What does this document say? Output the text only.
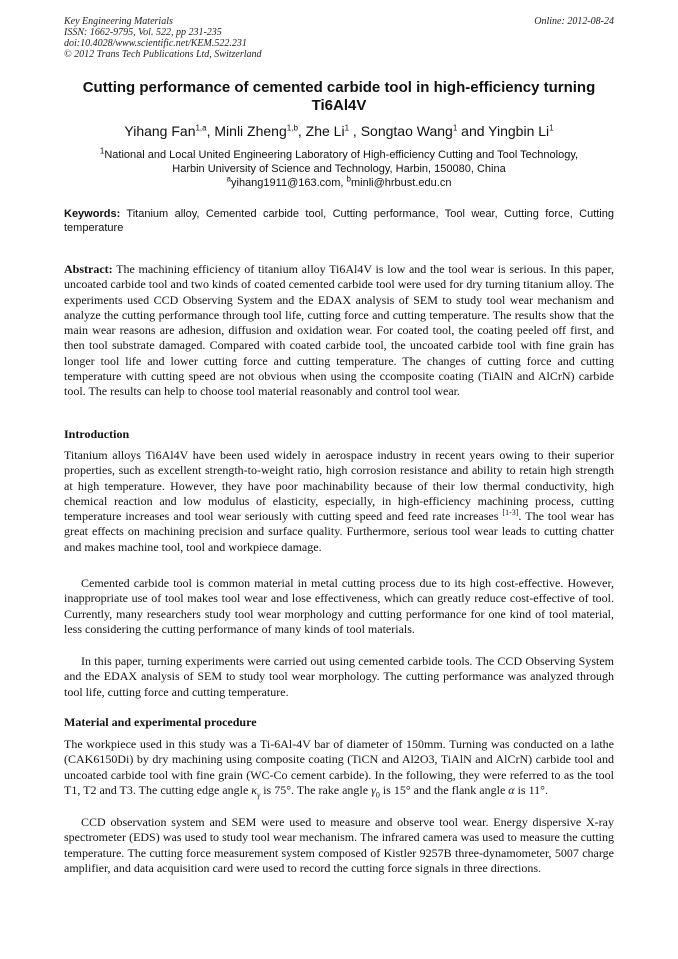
Key Engineering Materials
ISSN: 1662-9795, Vol. 522, pp 231-235
doi:10.4028/www.scientific.net/KEM.522.231
© 2012 Trans Tech Publications Ltd, Switzerland
Online: 2012-08-24
Cutting performance of cemented carbide tool in high-efficiency turning Ti6Al4V
Yihang Fan$^{1,a}$, Minli Zheng$^{1,b}$, Zhe Li$^1$ , Songtao Wang$^1$ and Yingbin Li$^1$
$^1$National and Local United Engineering Laboratory of High-efficiency Cutting and Tool Technology,
Harbin University of Science and Technology, Harbin, 150080, China
$^a$yihang1911@163.com, $^b$minli@hrbust.edu.cn
Keywords: Titanium alloy, Cemented carbide tool, Cutting performance, Tool wear, Cutting force, Cutting temperature
Abstract: The machining efficiency of titanium alloy Ti6Al4V is low and the tool wear is serious. In this paper, uncoated carbide tool and two kinds of coated cemented carbide tool were used for dry turning titanium alloy. The experiments used CCD Observing System and the EDAX analysis of SEM to study tool wear mechanism and analyze the cutting performance through tool life, cutting force and cutting temperature. The results show that the main wear reasons are adhesion, diffusion and oxidation wear. For coated tool, the coating peeled off first, and then tool substrate damaged. Compared with coated carbide tool, the uncoated carbide tool with fine grain has longer tool life and lower cutting force and cutting temperature. The changes of cutting force and cutting temperature with cutting speed are not obvious when using the ccomposite coating (TiAlN and AlCrN) carbide tool. The results can help to choose tool material reasonably and control tool wear.
Introduction

Titanium alloys Ti6Al4V have been used widely in aerospace industry in recent years owing to their superior properties, such as excellent strength-to-weight ratio, high corrosion resistance and ability to retain high strength at high temperature. However, they have poor machinability because of their low thermal conductivity, high chemical reaction and low modulus of elasticity, especially, in high-efficiency machining process, cutting temperature increases and tool wear seriously with cutting speed and feed rate increases [1-3]. The tool wear has great effects on machining precision and surface quality. Furthermore, serious tool wear leads to cutting chatter and makes machine tool, tool and workpiece damage.

Cemented carbide tool is common material in metal cutting process due to its high cost-effective. However, inappropriate use of tool makes tool wear and lose effectiveness, which can greatly reduce cost-effective of tool. Currently, many researchers study tool wear morphology and cutting performance for one kind of tool material, less considering the cutting performance of many kinds of tool materials.

In this paper, turning experiments were carried out using cemented carbide tools. The CCD Observing System and the EDAX analysis of SEM to study tool wear morphology. The cutting performance was analyzed through tool life, cutting force and cutting temperature.

Material and experimental procedure

The workpiece used in this study was a Ti-6Al-4V bar of diameter of 150mm. Turning was conducted on a lathe (CAK6150Di) by dry machining using composite coating (TiCN and Al2O3, TiAlN and AlCrN) carbide tool and uncoated carbide tool with fine grain (WC-Co cement carbide). In the following, they were referred to as the tool T1, T2 and T3. The cutting edge angle $\kappa_\gamma$ is 75°. The rake angle $\gamma_0$ is 15° and the flank angle α is 11°.

CCD observation system and SEM were used to measure and observe tool wear. Energy dispersive X-ray spectrometer (EDS) was used to study tool wear mechanism. The infrared camera was used to measure the cutting temperature. The cutting force measurement system composed of Kistler 9257B three-dynamometer, 5007 charge amplifier, and data acquisition card were used to record the cutting force signals in three directions.
